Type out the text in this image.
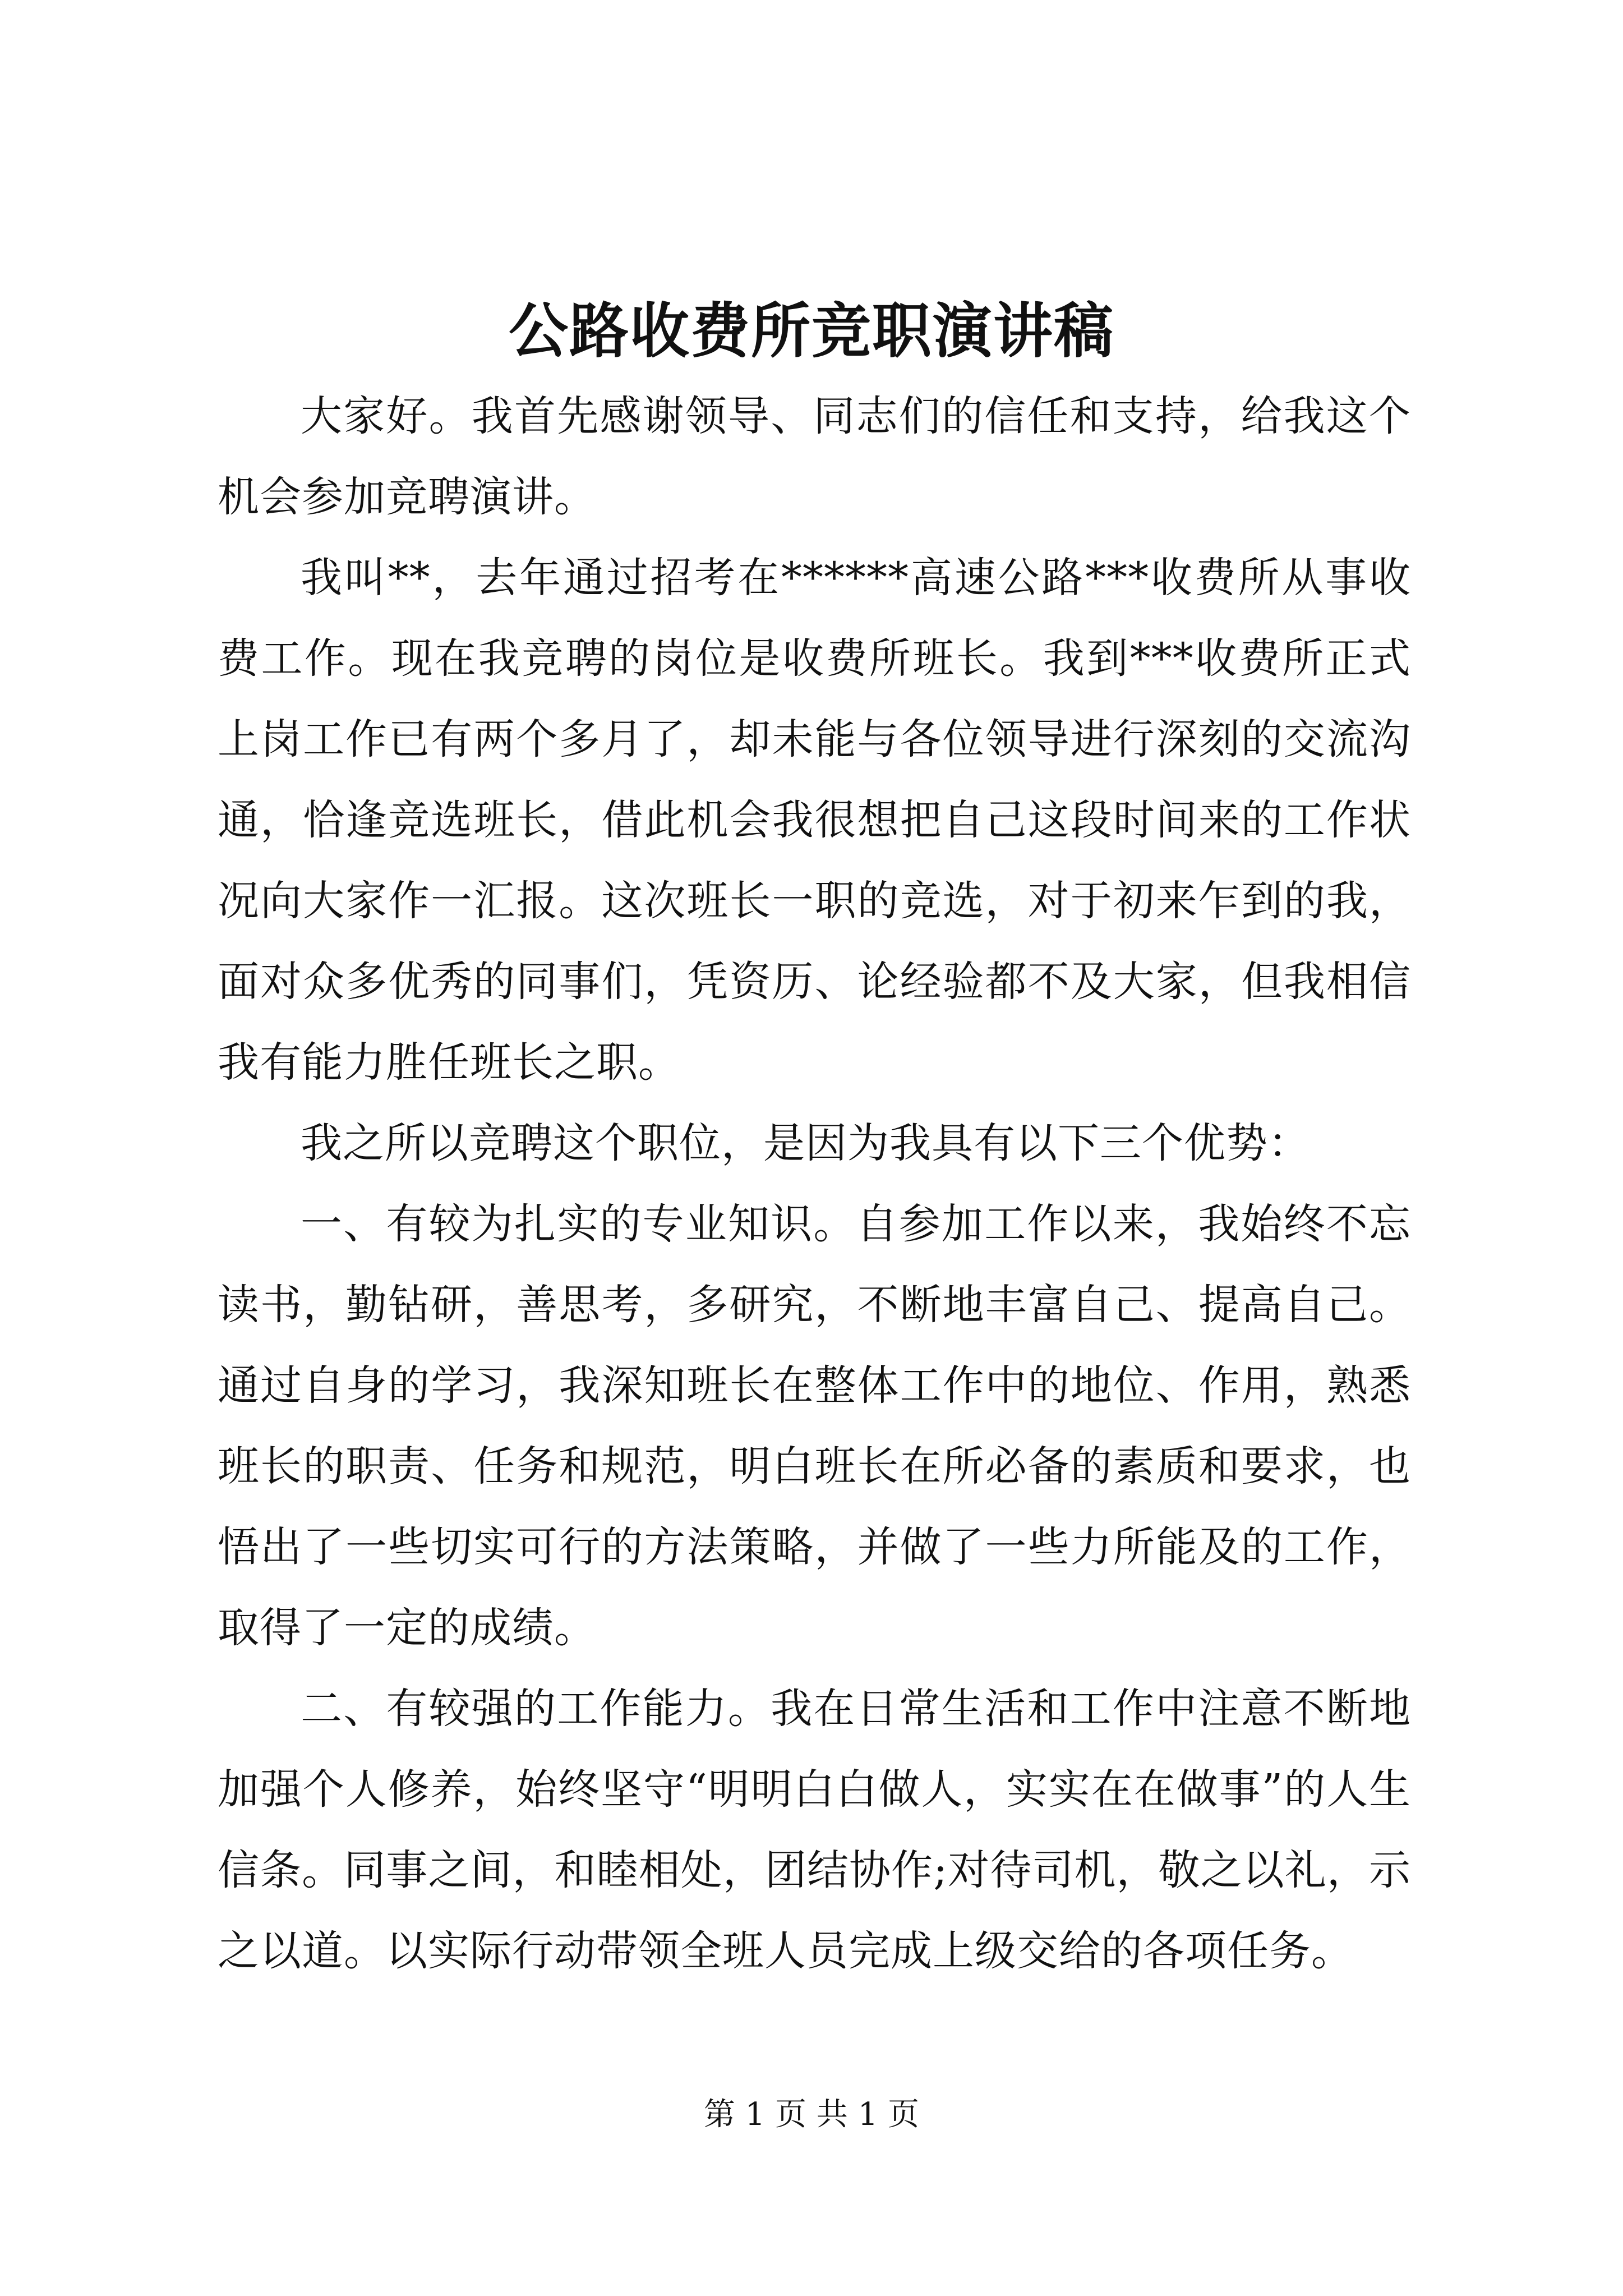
公路收费所竞职演讲稿

大家好。我首先感谢领导、同志们的信任和支持，给我这个机会参加竞聘演讲。

我叫**，去年通过招考在******高速公路***收费所从事收费工作。现在我竞聘的岗位是收费所班长。我到***收费所正式上岗工作已有两个多月了，却未能与各位领导进行深刻的交流沟通，恰逢竞选班长，借此机会我很想把自己这段时间来的工作状况向大家作一汇报。这次班长一职的竞选，对于初来乍到的我，面对众多优秀的同事们，凭资历、论经验都不及大家，但我相信我有能力胜任班长之职。

我之所以竞聘这个职位，是因为我具有以下三个优势：

一、有较为扎实的专业知识。自参加工作以来，我始终不忘读书，勤钻研，善思考，多研究，不断地丰富自己、提高自己。通过自身的学习，我深知班长在整体工作中的地位、作用，熟悉班长的职责、任务和规范，明白班长在所必备的素质和要求，也悟出了一些切实可行的方法策略，并做了一些力所能及的工作，取得了一定的成绩。

二、有较强的工作能力。我在日常生活和工作中注意不断地加强个人修养，始终坚守“明明白白做人，实实在在做事”的人生信条。同事之间，和睦相处，团结协作;对待司机，敬之以礼，示之以道。以实际行动带领全班人员完成上级交给的各项任务。

第 1 页 共 1 页
